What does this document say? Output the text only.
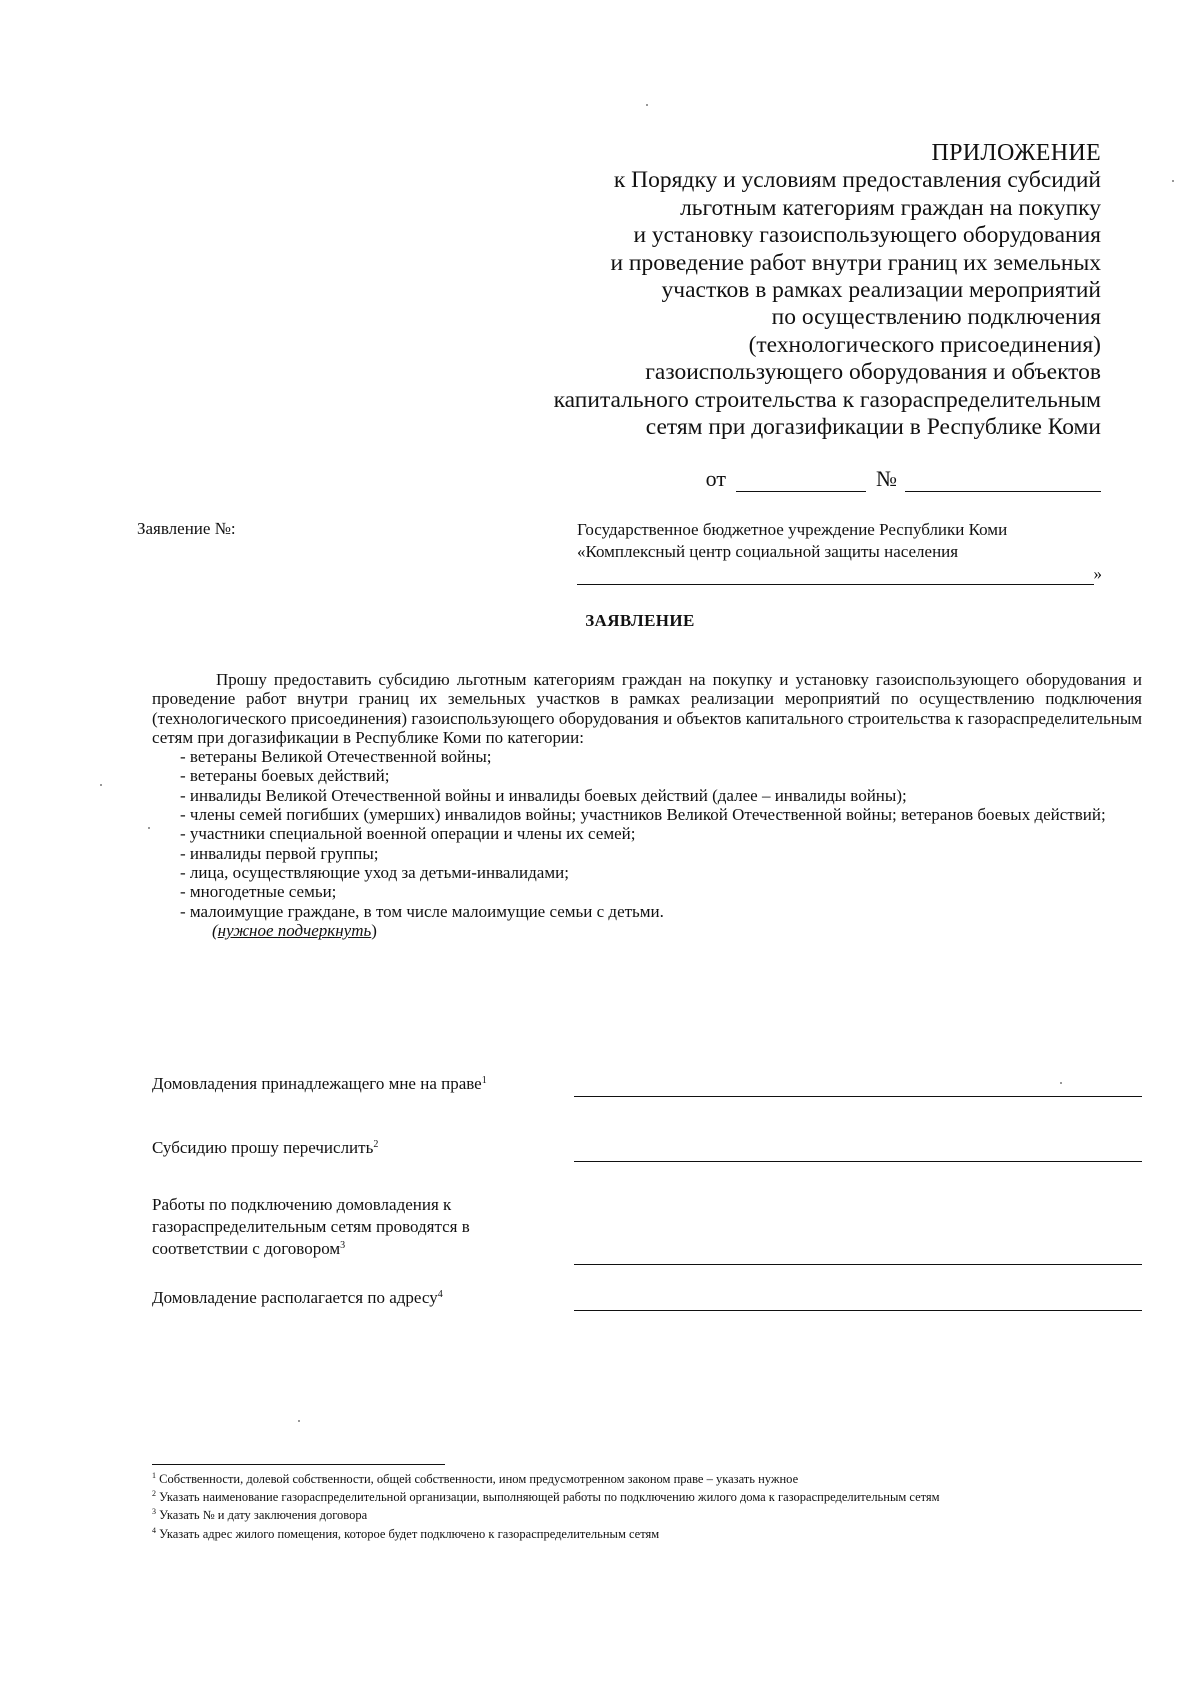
ПРИЛОЖЕНИЕ
к Порядку и условиям предоставления субсидий
льготным категориям граждан на покупку
и установку газоиспользующего оборудования
и проведение работ внутри границ их земельных
участков в рамках реализации мероприятий
по осуществлению подключения
(технологического присоединения)
газоиспользующего оборудования и объектов
капитального строительства к газораспределительным
сетям при догазификации в Республике Коми
от	№
Заявление №:	Государственное бюджетное учреждение Республики Коми
«Комплексный центр социальной защиты населения
»
ЗАЯВЛЕНИЕ

Прошу предоставить субсидию льготным категориям граждан на покупку и установку газоиспользующего оборудования и проведение работ внутри границ их земельных участков в рамках реализации мероприятий по осуществлению подключения (технологического присоединения) газоиспользующего оборудования и объектов капитального строительства к газораспределительным сетям при догазификации в Республике Коми по категории:

- ветераны Великой Отечественной войны;
- ветераны боевых действий;
- инвалиды Великой Отечественной войны и инвалиды боевых действий (далее – инвалиды войны);
- члены семей погибших (умерших) инвалидов войны; участников Великой Отечественной войны; ветеранов боевых действий;
- участники специальной военной операции и члены их семей;
- инвалиды первой группы;
- лица, осуществляющие уход за детьми-инвалидами;
- многодетные семьи;
- малоимущие граждане, в том числе малоимущие семьи с детьми.
(нужное подчеркнуть)
Домовладения принадлежащего мне на праве$^1$
Субсидию прошу перечислить$^2$
Работы по подключению домовладения к газораспределительным сетям проводятся в соответствии с договором$^3$
Домовладение располагается по адресу$^4$

$^1$ Собственности, долевой собственности, общей собственности, ином предусмотренном законом праве – указать нужное

$^2$ Указать наименование газораспределительной организации, выполняющей работы по подключению жилого дома к газораспределительным сетям

$^3$ Указать № и дату заключения договора

$^4$ Указать адрес жилого помещения, которое будет подключено к газораспределительным сетям
